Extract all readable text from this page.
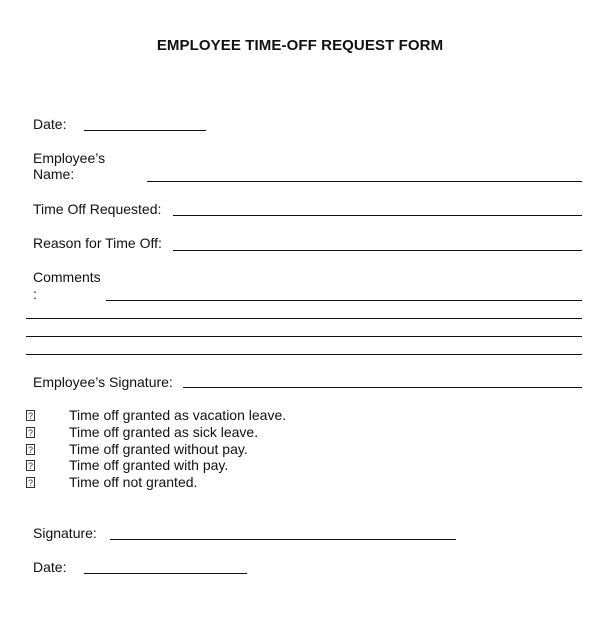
EMPLOYEE TIME-OFF REQUEST FORM
Date:
Employee’s
Name:
Time Off Requested:
Reason for Time Off:
Comments
:
Employee’s Signature:
?	Time off granted as vacation leave.
?	Time off granted as sick leave.
?	Time off granted without pay.
?	Time off granted with pay.
?	Time off not granted.
Signature:
Date:
